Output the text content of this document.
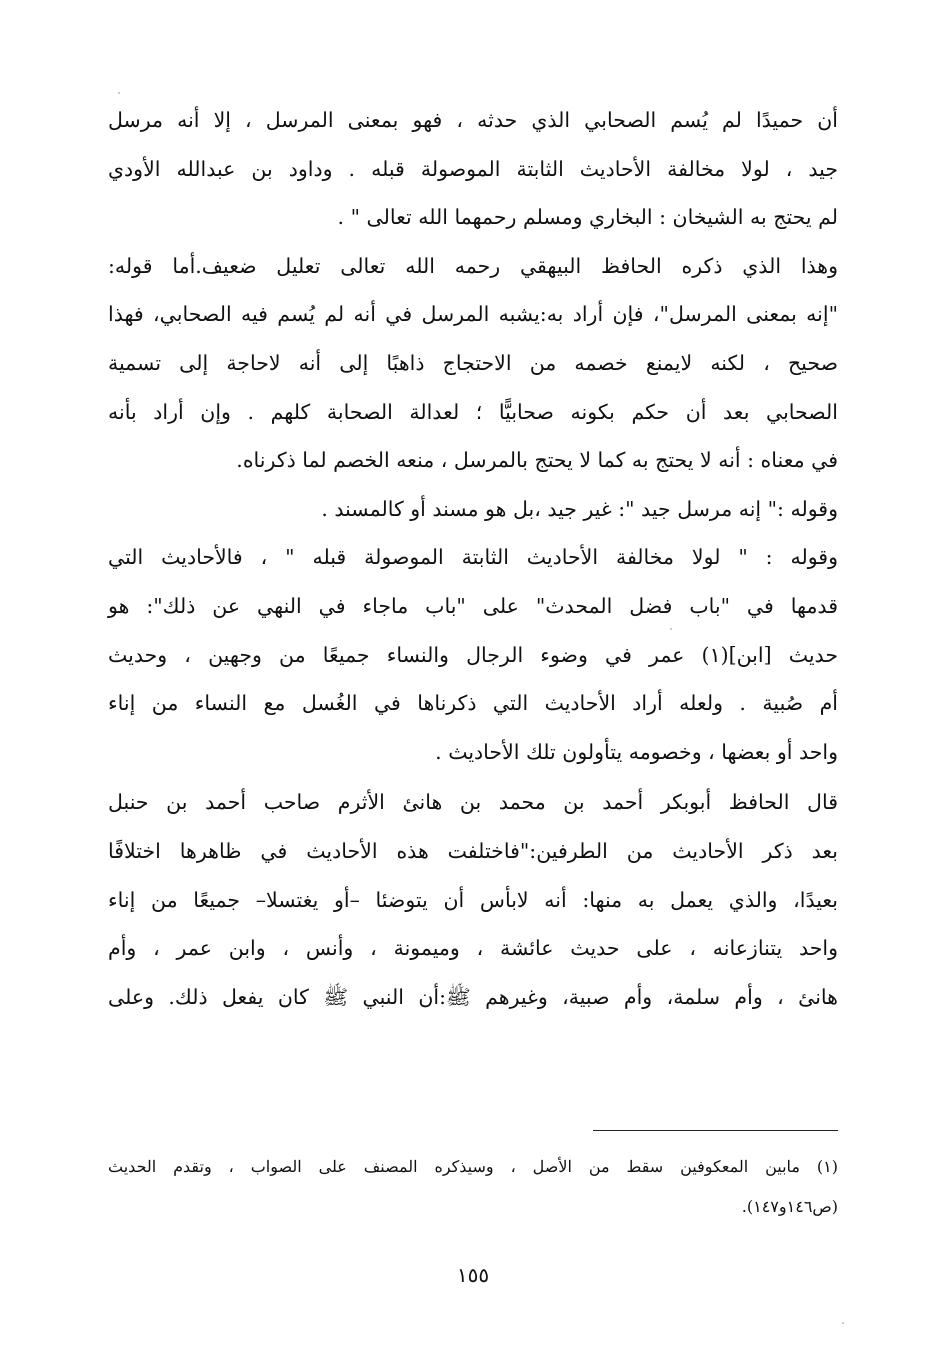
أن حميدًا لم يُسم الصحابي الذي حدثه ، فهو بمعنى المرسل ، إلا أنه مرسل
جيد ، لولا مخالفة الأحاديث الثابتة الموصولة قبله . وداود بن عبدالله الأودي
لم يحتج به الشيخان : البخاري ومسلم رحمهما الله تعالى " .
وهذا الذي ذكره الحافظ البيهقي رحمه الله تعالى تعليل ضعيف.أما قوله:
"إنه بمعنى المرسل"، فإن أراد به:يشبه المرسل في أنه لم يُسم فيه الصحابي، فهذا
صحيح ، لكنه لايمنع خصمه من الاحتجاج ذاهبًا إلى أنه لاحاجة إلى تسمية
الصحابي بعد أن حكم بكونه صحابيًّا ؛ لعدالة الصحابة كلهم . وإن أراد بأنه
في معناه : أنه لا يحتج به كما لا يحتج بالمرسل ، منعه الخصم لما ذكرناه.
وقوله :" إنه مرسل جيد ": غير جيد ،بل هو مسند أو كالمسند .
وقوله : " لولا مخالفة الأحاديث الثابتة الموصولة قبله " ، فالأحاديث التي
قدمها في "باب فضل المحدث" على "باب ماجاء في النهي عن ذلك": هو
حديث [ابن](١) عمر في وضوء الرجال والنساء جميعًا من وجهين ، وحديث
أم صُبية . ولعله أراد الأحاديث التي ذكرناها في الغُسل مع النساء من إناء
واحد أو بعضها ، وخصومه يتأولون تلك الأحاديث .
قال الحافظ أبوبكر أحمد بن محمد بن هانئ الأثرم صاحب أحمد بن حنبل
بعد ذكر الأحاديث من الطرفين:"فاختلفت هذه الأحاديث في ظاهرها اختلافًا
بعيدًا، والذي يعمل به منها: أنه لابأس أن يتوضئا –أو يغتسلا– جميعًا من إناء
واحد يتنازعانه ، على حديث عائشة ، وميمونة ، وأنس ، وابن عمر ، وأم
هانئ ، وأم سلمة، وأم صبية، وغيرهم ﷺ:أن النبي ﷺ كان يفعل ذلك. وعلى
(١) مابين المعكوفين سقط من الأصل ، وسيذكره المصنف على الصواب ، وتقدم الحديث
(ص١٤٦و١٤٧).
١٥٥
